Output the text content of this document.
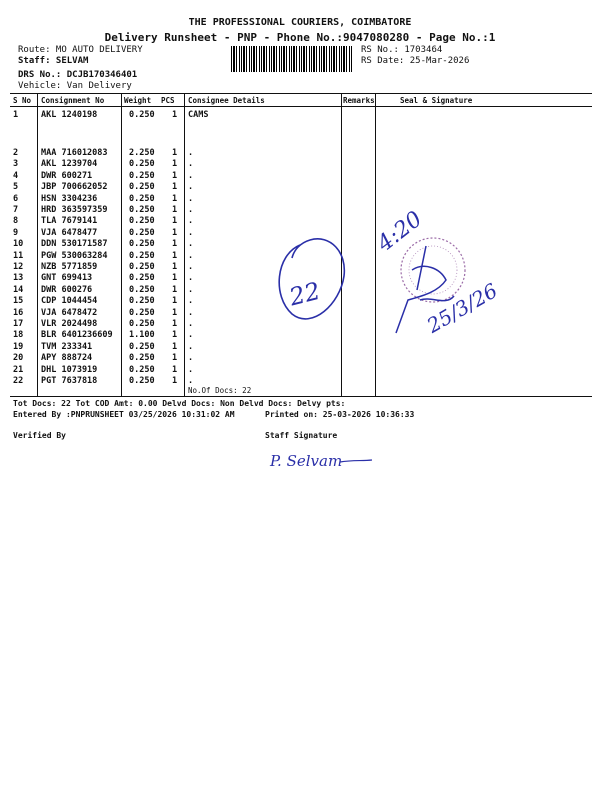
THE PROFESSIONAL COURIERS, COIMBATORE
Delivery Runsheet - PNP - Phone No.:9047080280 - Page No.:1
Route: MO AUTO DELIVERY
Staff: SELVAM
DRS No.: DCJB170346401
Vehicle: Van Delivery
RS No.: 1703464
RS Date: 25-Mar-2026
S No Consignment No	Weight PCS Consignee Details	Remarks	Seal & Signature
1	AKL 1240198	0.250 1 CAMS
2	MAA 716012083	2.250 1 .
3	AKL 1239704	0.250 1 .
4	DWR 600271	0.250 1 .
5	JBP 700662052	0.250 1 .
6	HSN 3304236	0.250 1 .
7	HRD 363597359	0.250 1 .
8	TLA 7679141	0.250 1 .
9	VJA 6478477	0.250 1 .
10 DDN 530171587	0.250 1 .
11 PGW 530063284	0.250 1 .
12 NZB 5771859	0.250 1 .
13 GNT 699413	0.250 1 .
14 DWR 600276	0.250 1 .
15 CDP 1044454	0.250 1 .
16 VJA 6478472	0.250 1 .
17 VLR 2024498	0.250 1 .
18 BLR 6401236609 1.100 1 .
19 TVM 233341	0.250 1 .
20 APY 888724	0.250 1 .
21 DHL 1073919	0.250 1 .
22 PGT 7637818	0.250 1 .
No.Of Docs: 22
Tot Docs: 22 Tot COD Amt: 0.00 Delvd Docs: Non Delvd Docs: Delvy pts:
Entered By :PNPRUNSHEET 03/25/2026 10:31:02 AM	Printed on: 25-03-2026 10:36:33
Verified By	Staff Signature
22
4:20
25/3/26
P. Selvam
